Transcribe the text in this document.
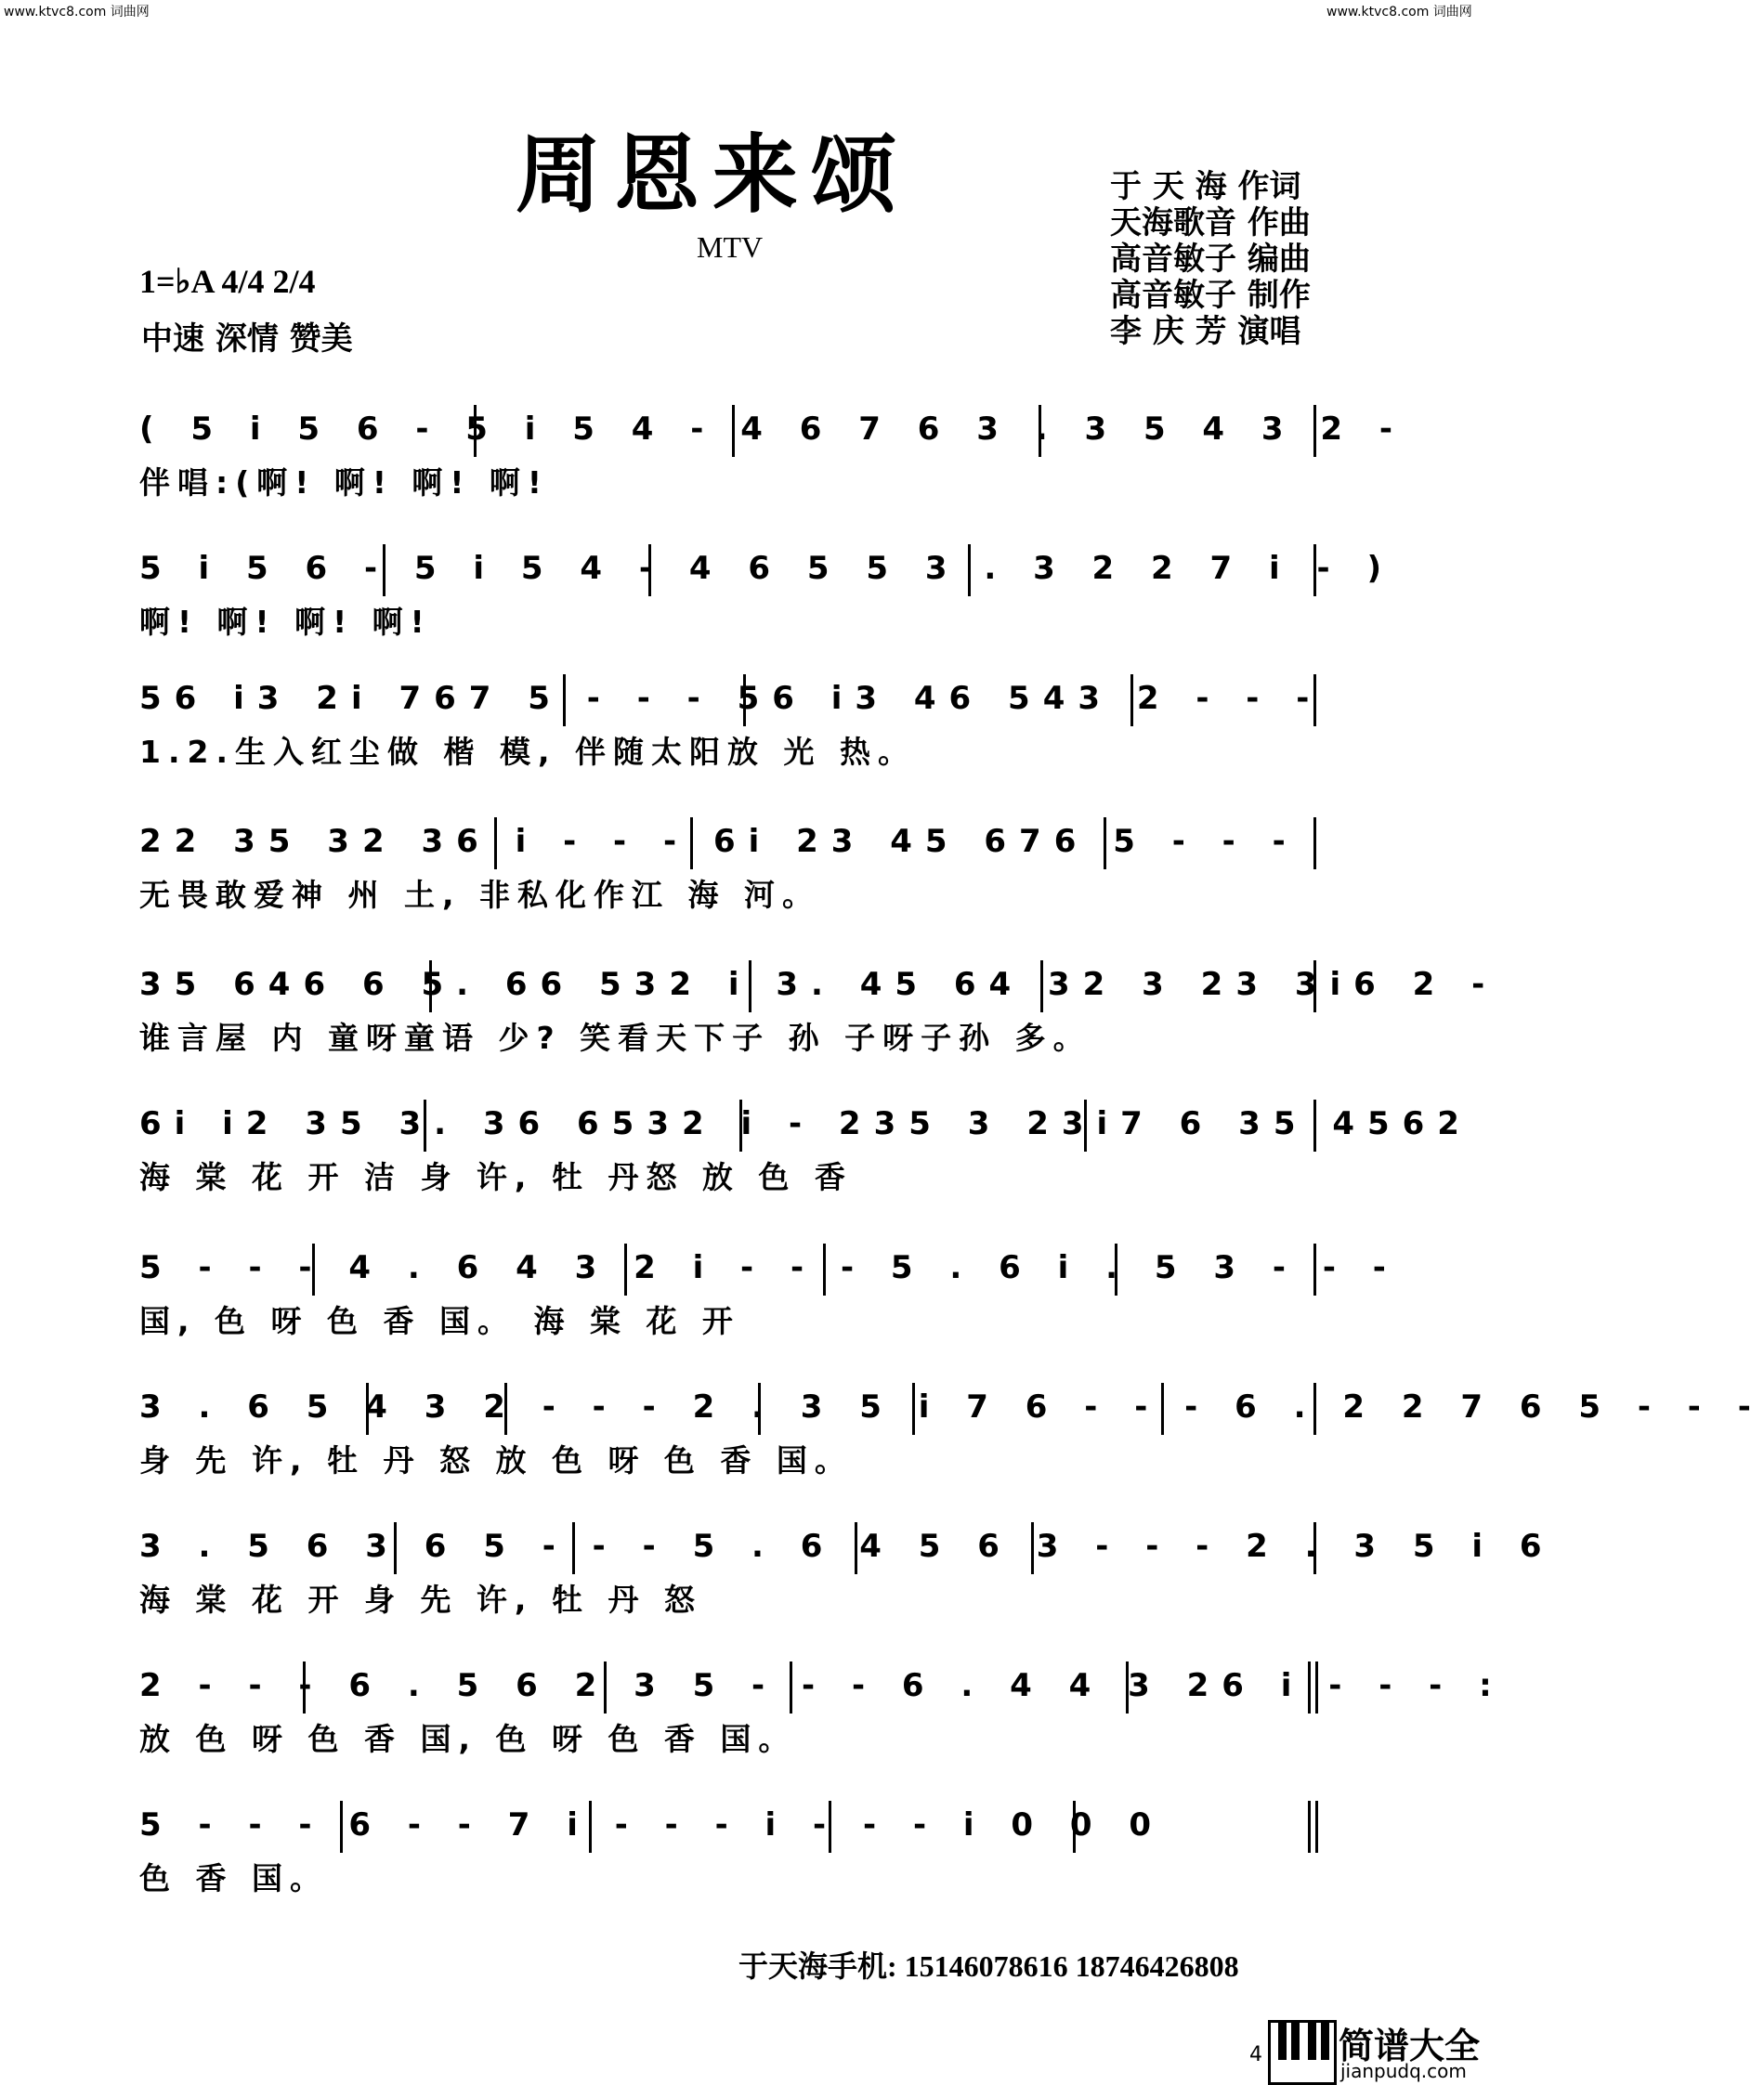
www.ktvc8.com 词曲网	www.ktvc8.com 词曲网
周恩来颂
MTV
于 天 海 作词
天海歌音 作曲
高音敏子 编曲
高音敏子 制作
李 庆 芳 演唱
1=♭A 4/4 2/4
中速 深情 赞美
( 5 i 5 6 - 5 i 5 4 - 4 6 7 6 3 . 3 5 4 3 2 -
伴唱:(啊! 啊! 啊! 啊!
5 i 5 6 - 5 i 5 4 - 4 6 5 5 3 . 3 2 2 7 i - )
啊! 啊! 啊! 啊!
56 i3 2i 767 5 - - - 56 i3 46 543 2 - - -
1.2.生入红尘做 楷 模, 伴随太阳放 光 热。
22 35 32 36 i - - - 6i 23 45 676 5 - - -
无畏敢爱神 州 土, 非私化作江 海 河。
35 646 6 5. 66 532 i 3. 45 64 32 3 23 3i6 2 -
谁言屋 内 童呀童语 少? 笑看天下子 孙 子呀子孙 多。
6i i2 35 3. 36 6532 i - 235 3 23i7 6 35 4562
海 棠 花 开 洁 身 许, 牡 丹怒 放 色 香
5 - - - 4 . 6 4 3 2 i - - - 5 . 6 i . 5 3 - - -
国, 色 呀 色 香 国。 海 棠 花 开
3 . 6 5 4 3 2 - - - 2 . 3 5 i 7 6 - - - 6 . 2 2 7 6 5 - - -
身 先 许, 牡 丹 怒 放 色 呀 色 香 国。
3 . 5 6 3 6 5 - - - 5 . 6 4 5 6 3 - - - 2 . 3 5 i 6
海 棠 花 开 身 先 许, 牡 丹 怒
2 - - - 6 . 5 6 2 3 5 - - - 6 . 4 4 3 26 i - - - :
放 色 呀 色 香 国, 色 呀 色 香 国。
5 - - - 6 - - 7 i - - - i - - - i 0 0 0
色 香 国。
于天海手机: 15146078616 18746426808
4 简谱大全
jianpudq.com
